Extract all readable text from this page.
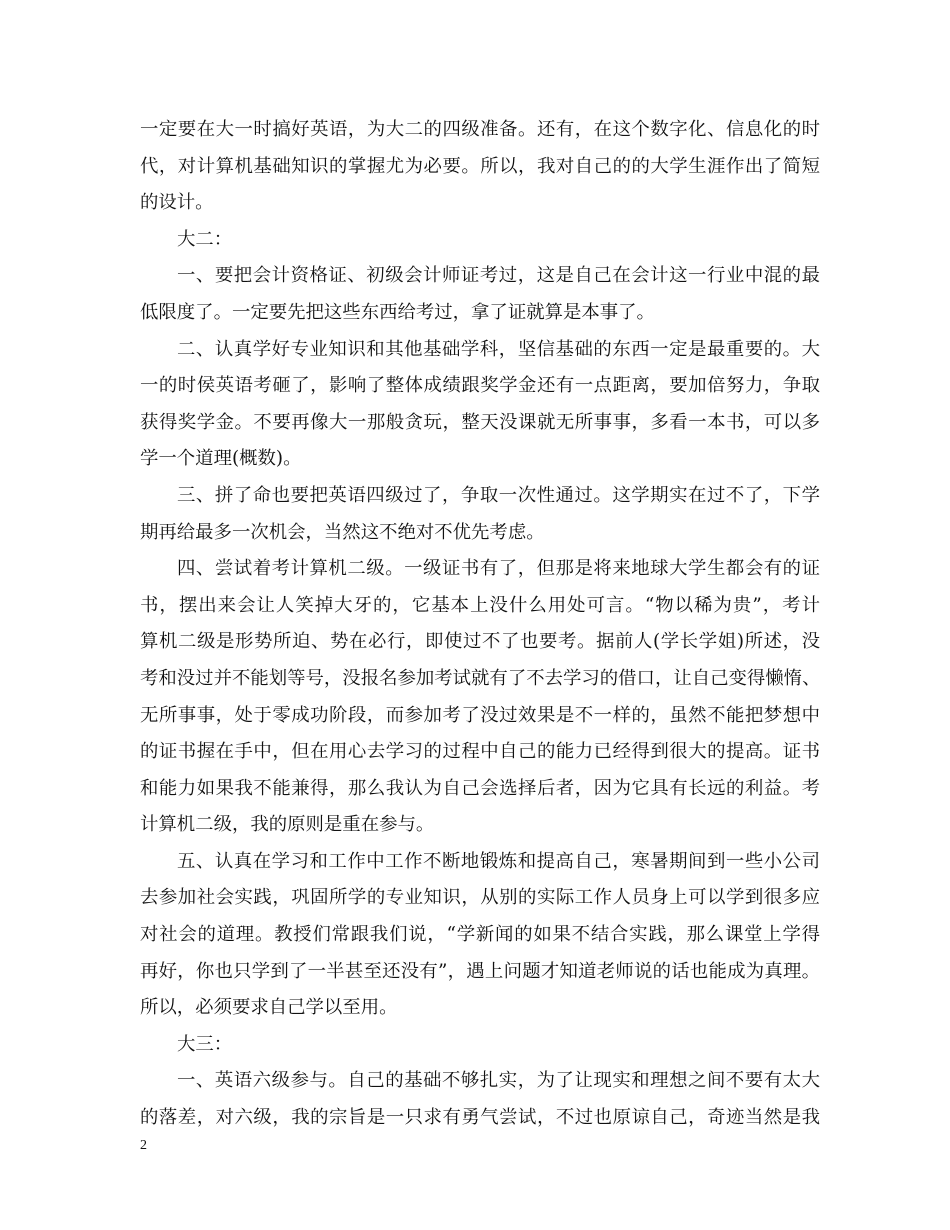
一定要在大一时搞好英语，为大二的四级准备。还有，在这个数字化、信息化的时
代，对计算机基础知识的掌握尤为必要。所以，我对自己的的大学生涯作出了简短
的设计。
大二：
一、要把会计资格证、初级会计师证考过，这是自己在会计这一行业中混的最
低限度了。一定要先把这些东西给考过，拿了证就算是本事了。
二、认真学好专业知识和其他基础学科，坚信基础的东西一定是最重要的。大
一的时侯英语考砸了，影响了整体成绩跟奖学金还有一点距离，要加倍努力，争取
获得奖学金。不要再像大一那般贪玩，整天没课就无所事事，多看一本书，可以多
学一个道理(概数)。
三、拼了命也要把英语四级过了，争取一次性通过。这学期实在过不了，下学
期再给最多一次机会，当然这不绝对不优先考虑。
四、尝试着考计算机二级。一级证书有了，但那是将来地球大学生都会有的证
书，摆出来会让人笑掉大牙的，它基本上没什么用处可言。“物以稀为贵”，考计
算机二级是形势所迫、势在必行，即使过不了也要考。据前人(学长学姐)所述，没
考和没过并不能划等号，没报名参加考试就有了不去学习的借口，让自己变得懒惰、
无所事事，处于零成功阶段，而参加考了没过效果是不一样的，虽然不能把梦想中
的证书握在手中，但在用心去学习的过程中自己的能力已经得到很大的提高。证书
和能力如果我不能兼得，那么我认为自己会选择后者，因为它具有长远的利益。考
计算机二级，我的原则是重在参与。
五、认真在学习和工作中工作不断地锻炼和提高自己，寒暑期间到一些小公司
去参加社会实践，巩固所学的专业知识，从别的实际工作人员身上可以学到很多应
对社会的道理。教授们常跟我们说，“学新闻的如果不结合实践，那么课堂上学得
再好，你也只学到了一半甚至还没有”，遇上问题才知道老师说的话也能成为真理。
所以，必须要求自己学以至用。
大三：
一、英语六级参与。自己的基础不够扎实，为了让现实和理想之间不要有太大
的落差，对六级，我的宗旨是一只求有勇气尝试，不过也原谅自己，奇迹当然是我
2
